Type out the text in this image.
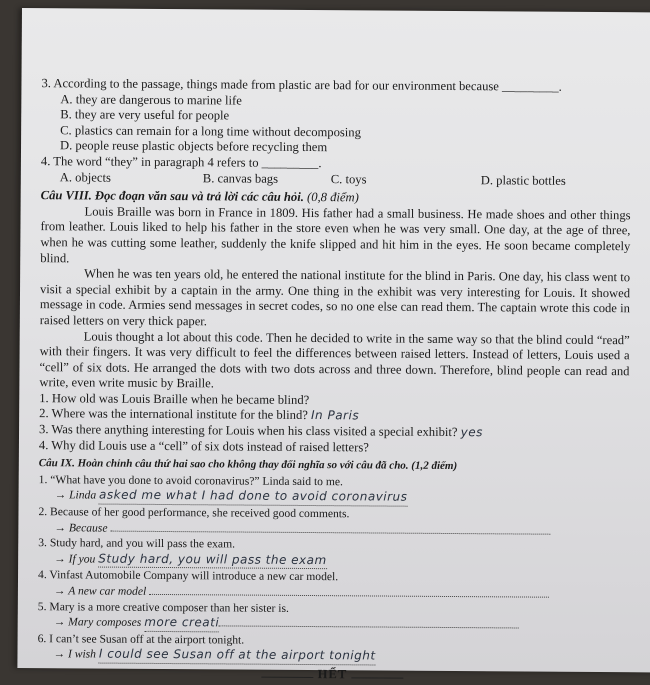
3. According to the passage, things made from plastic are bad for our environment because _________.
A. they are dangerous to marine life
B. they are very useful for people
C. plastics can remain for a long time without decomposing
D. people reuse plastic objects before recycling them
4. The word “they” in paragraph 4 refers to _________.
A. objects	B. canvas bags	C. toys	D. plastic bottles
Câu VIII. Đọc đoạn văn sau và trả lời các câu hỏi. (0,8 điểm)
Louis Braille was born in France in 1809. His father had a small business. He made shoes and other things from leather. Louis liked to help his father in the store even when he was very small. One day, at the age of three, when he was cutting some leather, suddenly the knife slipped and hit him in the eyes. He soon became completely blind.
When he was ten years old, he entered the national institute for the blind in Paris. One day, his class went to visit a special exhibit by a captain in the army. One thing in the exhibit was very interesting for Louis. It showed message in code. Armies send messages in secret codes, so no one else can read them. The captain wrote this code in raised letters on very thick paper.
Louis thought a lot about this code. Then he decided to write in the same way so that the blind could “read” with their fingers. It was very difficult to feel the differences between raised letters. Instead of letters, Louis used a “cell” of six dots. He arranged the dots with two dots across and three down. Therefore, blind people can read and write, even write music by Braille.
1. How old was Louis Braille when he became blind?
2. Where was the international institute for the blind? In Paris
3. Was there anything interesting for Louis when his class visited a special exhibit? yes
4. Why did Louis use a “cell” of six dots instead of raised letters?
Câu IX. Hoàn chỉnh câu thứ hai sao cho không thay đổi nghĩa so với câu đã cho. (1,2 điểm)
1. “What have you done to avoid coronavirus?” Linda said to me.
→ Linda asked me what I had done to avoid coronavirus
2. Because of her good performance, she received good comments.
→ Because
3. Study hard, and you will pass the exam.
→ If you Study hard, you will pass the exam
4. Vinfast Automobile Company will introduce a new car model.
→ A new car model
5. Mary is a more creative composer than her sister is.
→ Mary composes more creati
6. I can’t see Susan off at the airport tonight.
→ I wish I could see Susan off at the airport tonight
HẾT
